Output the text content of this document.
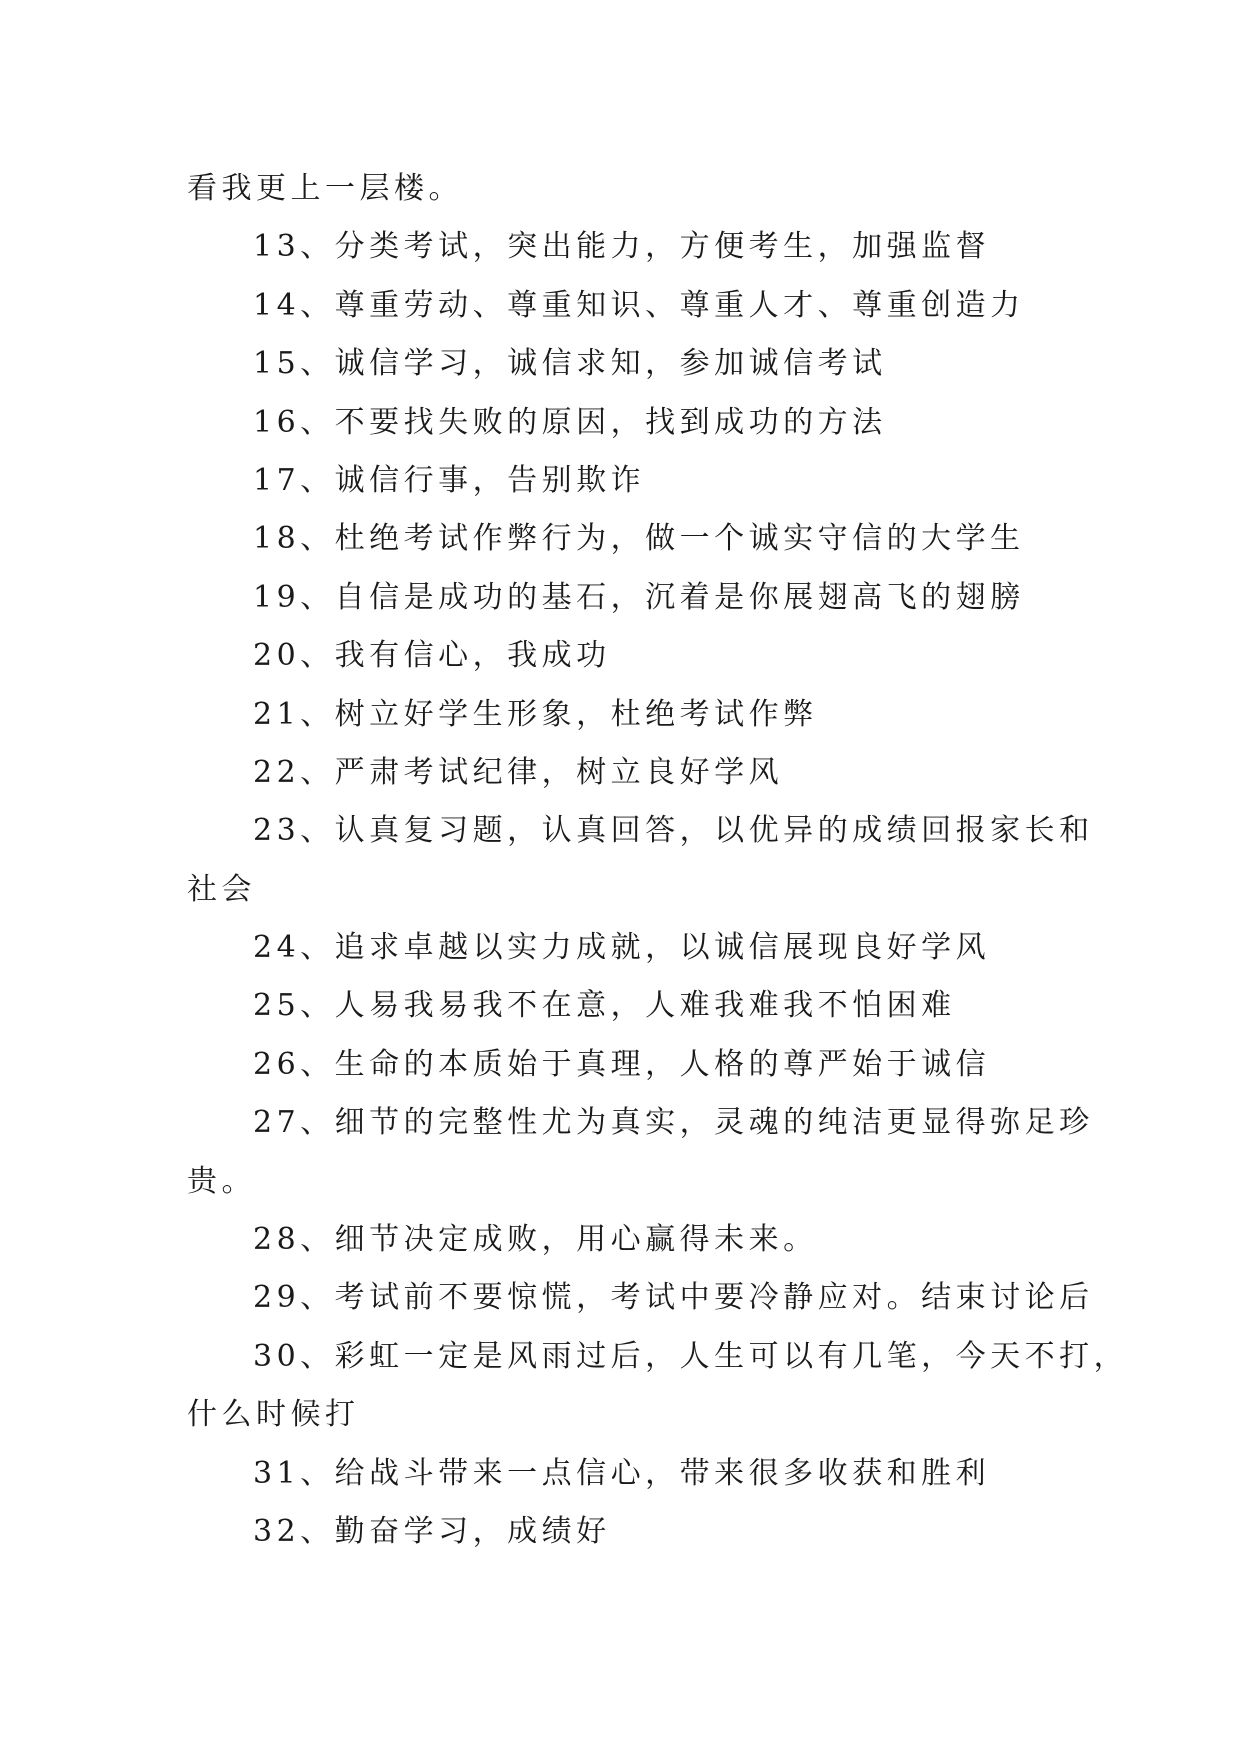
看我更上一层楼。
13、分类考试，突出能力，方便考生，加强监督
14、尊重劳动、尊重知识、尊重人才、尊重创造力
15、诚信学习，诚信求知，参加诚信考试
16、不要找失败的原因，找到成功的方法
17、诚信行事，告别欺诈
18、杜绝考试作弊行为，做一个诚实守信的大学生
19、自信是成功的基石，沉着是你展翅高飞的翅膀
20、我有信心，我成功
21、树立好学生形象，杜绝考试作弊
22、严肃考试纪律，树立良好学风
23、认真复习题，认真回答，以优异的成绩回报家长和
社会
24、追求卓越以实力成就，以诚信展现良好学风
25、人易我易我不在意，人难我难我不怕困难
26、生命的本质始于真理，人格的尊严始于诚信
27、细节的完整性尤为真实，灵魂的纯洁更显得弥足珍
贵。
28、细节决定成败，用心赢得未来。
29、考试前不要惊慌，考试中要冷静应对。结束讨论后
30、彩虹一定是风雨过后，人生可以有几笔，今天不打，
什么时候打
31、给战斗带来一点信心，带来很多收获和胜利
32、勤奋学习，成绩好
